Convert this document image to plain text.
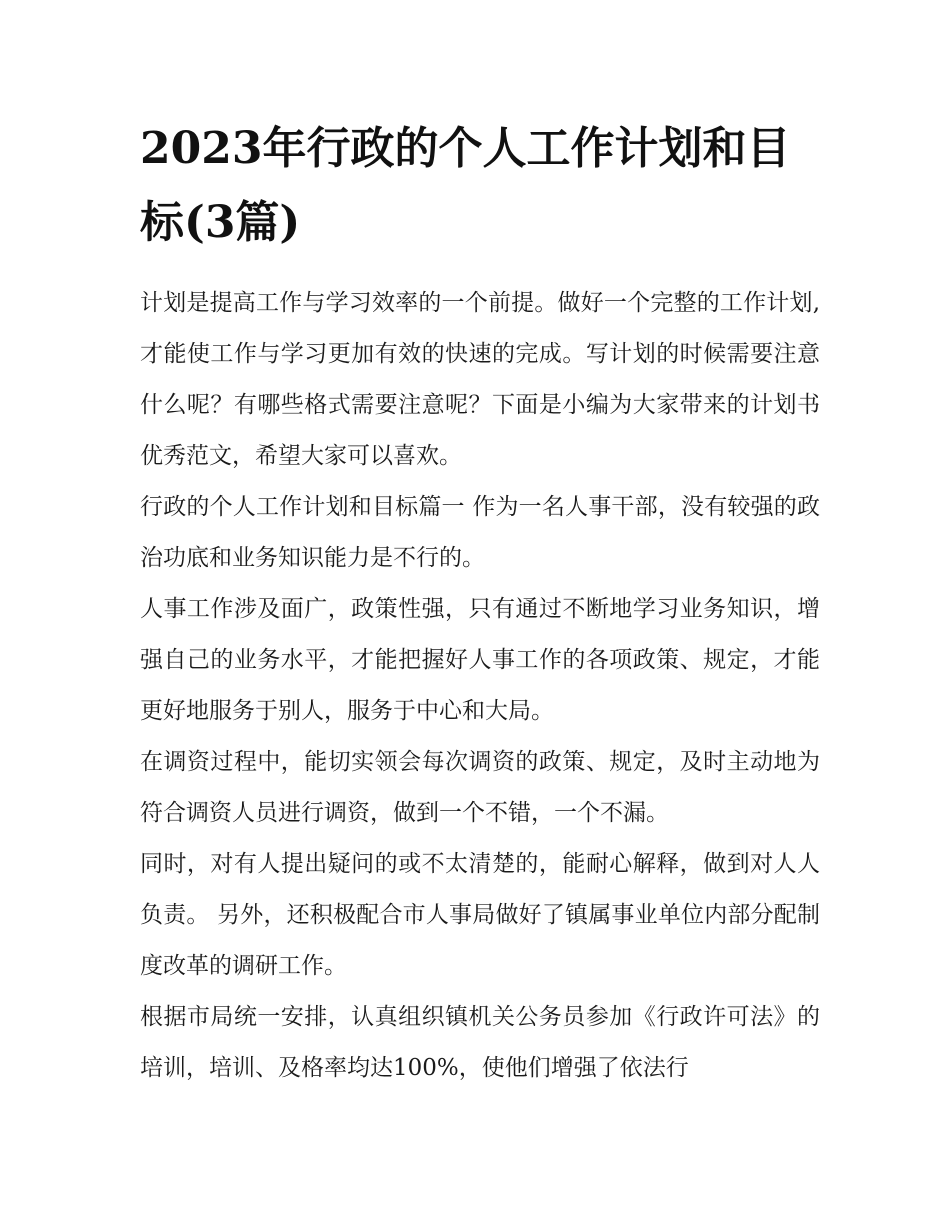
2023年行政的个人工作计划和目标(3篇)

计划是提高工作与学习效率的一个前提。做好一个完整的工作计划,才能使工作与学习更加有效的快速的完成。写计划的时候需要注意什么呢？有哪些格式需要注意呢？下面是小编为大家带来的计划书优秀范文，希望大家可以喜欢。

行政的个人工作计划和目标篇一 作为一名人事干部，没有较强的政治功底和业务知识能力是不行的。

人事工作涉及面广，政策性强，只有通过不断地学习业务知识，增强自己的业务水平，才能把握好人事工作的各项政策、规定，才能更好地服务于别人，服务于中心和大局。

在调资过程中，能切实领会每次调资的政策、规定，及时主动地为符合调资人员进行调资，做到一个不错，一个不漏。

同时，对有人提出疑问的或不太清楚的，能耐心解释，做到对人人负责。 另外，还积极配合市人事局做好了镇属事业单位内部分配制度改革的调研工作。

根据市局统一安排，认真组织镇机关公务员参加《行政许可法》的培训，培训、及格率均达100%，使他们增强了依法行
